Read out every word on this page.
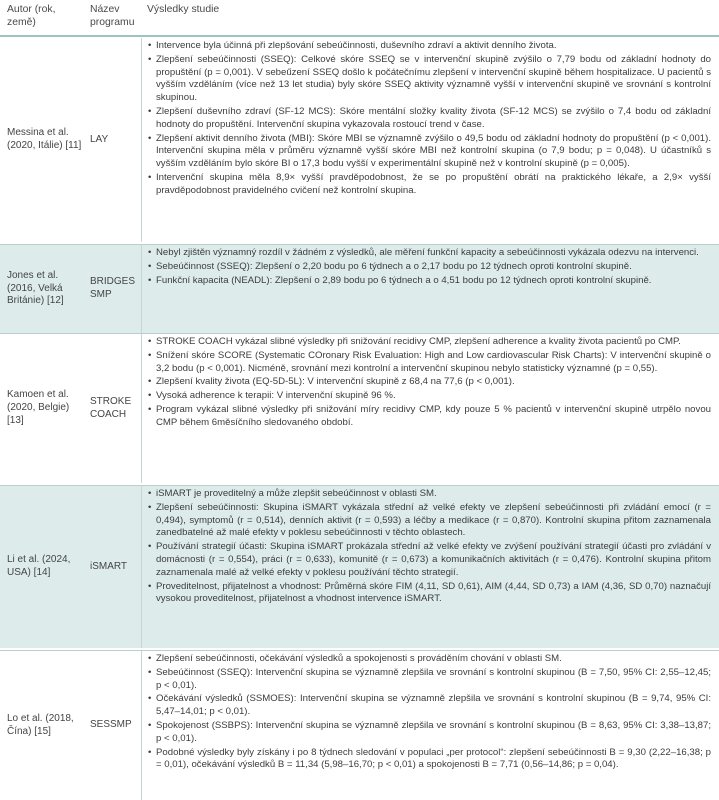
Autor (rok, země)
Název programu
Výsledky studie
Messina et al. (2020, Itálie) [11]
LAY
• Intervence byla účinná při zlepšování sebeúčinnosti, duševního zdraví a aktivit denního života.
• Zlepšení sebeúčinnosti (SSEQ): Celkové skóre SSEQ se v intervenční skupině zvýšilo o 7,79 bodu od základní hodnoty do propuštění (p = 0,001). V sebeűzení SSEQ došlo k počátečnímu zlepšení v intervenční skupině během hospitalizace. U pacientů s vyšším vzděláním (více než 13 let studia) byly skóre SSEQ aktivity významně vyšší v intervenční skupině ve srovnání s kontrolní skupinou.
• Zlepšení duševního zdraví (SF-12 MCS): Skóre mentální složky kvality života (SF-12 MCS) se zvýšilo o 7,4 bodu od základní hodnoty do propuštění. Intervenční skupina vykazovala rostoucí trend v čase.
• Zlepšení aktivit denního života (MBI): Skóre MBI se významně zvýšilo o 49,5 bodu od základní hodnoty do propuštění (p < 0,001). Intervenční skupina měla v průměru významně vyšší skóre MBI než kontrolní skupina (o 7,9 bodu; p = 0,048). U účastníků s vyšším vzděláním bylo skóre BI o 17,3 bodu vyšší v experimentální skupině než v kontrolní skupině (p = 0,005).
• Intervenční skupina měla 8,9× vyšší pravděpodobnost, že se po propuštění obrátí na praktického lékaře, a 2,9× vyšší pravděpodobnost pravidelného cvičení než kontrolní skupina.
Jones et al. (2016, Velká Británie) [12]
BRIDGES SMP
• Nebyl zjištěn významný rozdíl v žádném z výsledků, ale měření funkční kapacity a sebeúčinnosti vykázala odezvu na intervenci.
• Sebeúčinnost (SSEQ): Zlepšení o 2,20 bodu po 6 týdnech a o 2,17 bodu po 12 týdnech oproti kontrolní skupině.
• Funkční kapacita (NEADL): Zlepšení o 2,89 bodu po 6 týdnech a o 4,51 bodu po 12 týdnech oproti kontrolní skupině.
Kamoen et al. (2020, Belgie) [13]
STROKE COACH
• STROKE COACH vykázal slibné výsledky při snižování recidivy CMP, zlepšení adherence a kvality života pacientů po CMP.
• Snížení skóre SCORE (Systematic COronary Risk Evaluation: High and Low cardiovascular Risk Charts): V intervenční skupině o 3,2 bodu (p < 0,001). Nicméně, srovnání mezi kontrolní a intervenční skupinou nebylo statisticky významné (p = 0,55).
• Zlepšení kvality života (EQ-5D-5L): V intervenční skupině z 68,4 na 77,6 (p < 0,001).
• Vysoká adherence k terapii: V intervenční skupině 96 %.
• Program vykázal slibné výsledky při snižování míry recidivy CMP, kdy pouze 5 % pacientů v intervenční skupině utrpělo novou CMP během 6měsíčního sledovaného období.
Li et al. (2024, USA) [14]
iSMART
• iSMART je proveditelný a může zlepšit sebeúčinnost v oblasti SM.
• Zlepšení sebeúčinnosti: Skupina iSMART vykázala střední až velké efekty ve zlepšení sebeúčinnosti při zvládání emocí (r = 0,494), symptomů (r = 0,514), denních aktivit (r = 0,593) a léčby a medikace (r = 0,870). Kontrolní skupina přitom zaznamenala zanedbatelné až malé efekty v poklesu sebeúčinnosti v těchto oblastech.
• Používání strategií účasti: Skupina iSMART prokázala střední až velké efekty ve zvýšení používání strategií účasti pro zvládání v domácnosti (r = 0,554), práci (r = 0,633), komunitě (r = 0,673) a komunikačních aktivitách (r = 0,476). Kontrolní skupina přitom zaznamenala malé až velké efekty v poklesu používání těchto strategií.
• Proveditelnost, přijatelnost a vhodnost: Průměrná skóre FIM (4,11, SD 0,61), AIM (4,44, SD 0,73) a IAM (4,36, SD 0,70) naznačují vysokou proveditelnost, přijatelnost a vhodnost intervence iSMART.
Lo et al. (2018, Čína) [15]
SESSMP
• Zlepšení sebeúčinnosti, očekávání výsledků a spokojenosti s prováděním chování v oblasti SM.
• Sebeúčinnost (SSEQ): Intervenční skupina se významně zlepšila ve srovnání s kontrolní skupinou (B = 7,50, 95% CI: 2,55–12,45; p < 0,01).
• Očekávání výsledků (SSMOES): Intervenční skupina se významně zlepšila ve srovnání s kontrolní skupinou (B = 9,74, 95% CI: 5,47–14,01; p < 0,01).
• Spokojenost (SSBPS): Intervenční skupina se významně zlepšila ve srovnání s kontrolní skupinou (B = 8,63, 95% CI: 3,38–13,87; p < 0,01).
• Podobné výsledky byly získány i po 8 týdnech sledování v populaci „per protocol“: zlepšení sebeúčinnosti B = 9,30 (2,22–16,38; p = 0,01), očekávání výsledků B = 11,34 (5,98–16,70; p < 0,01) a spokojenosti B = 7,71 (0,56–14,86; p = 0,04).
